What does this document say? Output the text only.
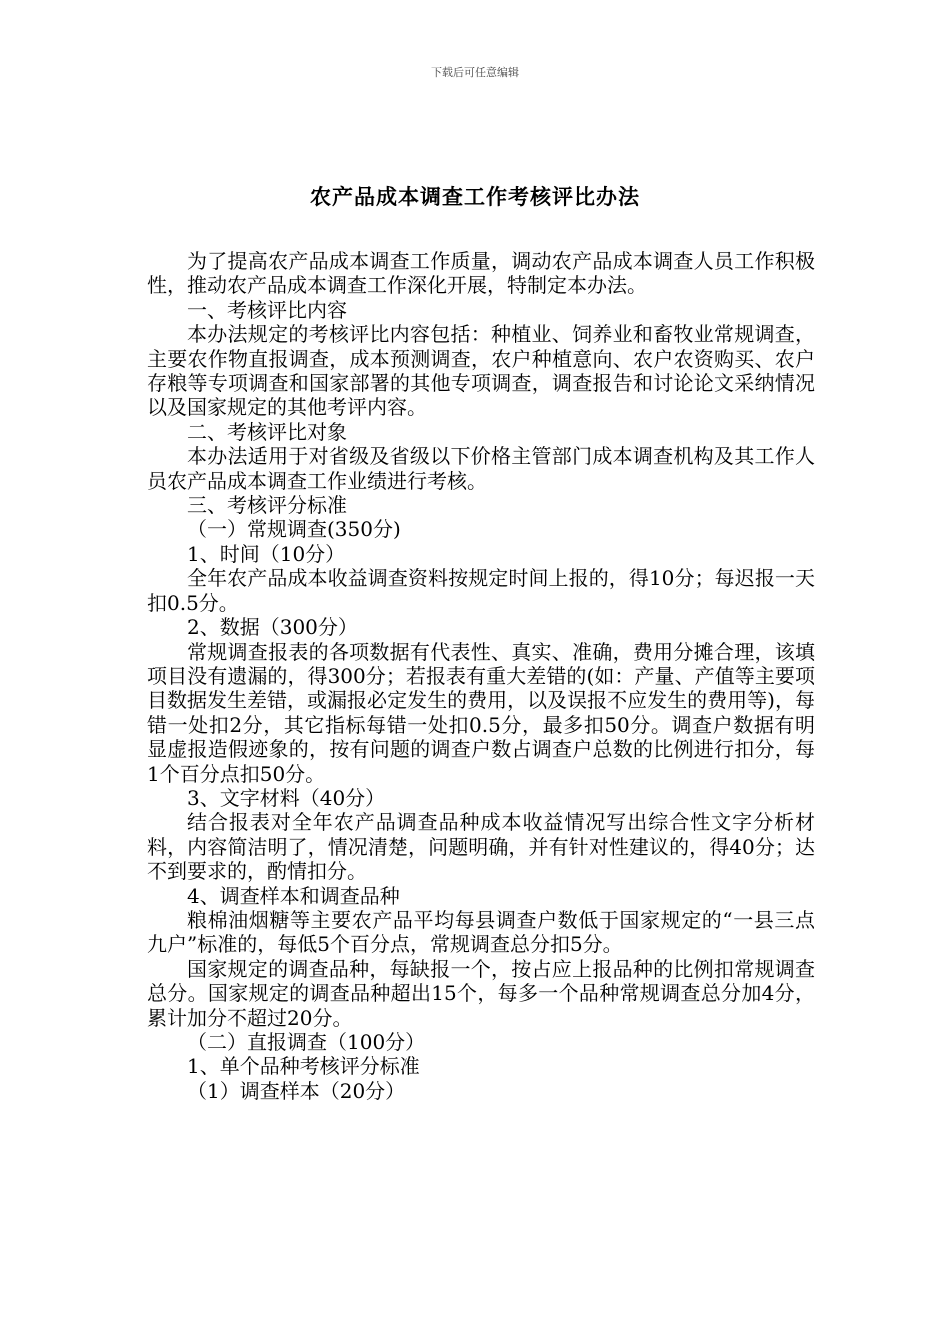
下载后可任意编辑
农产品成本调查工作考核评比办法

为了提高农产品成本调查工作质量，调动农产品成本调查人员工作积极性，推动农产品成本调查工作深化开展，特制定本办法。

一、考核评比内容

本办法规定的考核评比内容包括：种植业、饲养业和畜牧业常规调查，主要农作物直报调查，成本预测调查，农户种植意向、农户农资购买、农户存粮等专项调查和国家部署的其他专项调查，调查报告和讨论论文采纳情况以及国家规定的其他考评内容。

二、考核评比对象

本办法适用于对省级及省级以下价格主管部门成本调查机构及其工作人员农产品成本调查工作业绩进行考核。

三、考核评分标准

（一）常规调查(350分)

1、时间（10分）

全年农产品成本收益调查资料按规定时间上报的，得10分；每迟报一天扣0.5分。

2、数据（300分）

常规调查报表的各项数据有代表性、真实、准确，费用分摊合理，该填项目没有遗漏的，得300分；若报表有重大差错的(如：产量、产值等主要项目数据发生差错，或漏报必定发生的费用，以及误报不应发生的费用等)，每错一处扣2分，其它指标每错一处扣0.5分，最多扣50分。调查户数据有明显虚报造假迹象的，按有问题的调查户数占调查户总数的比例进行扣分，每1个百分点扣50分。

3、文字材料（40分）

结合报表对全年农产品调查品种成本收益情况写出综合性文字分析材料，内容简洁明了，情况清楚，问题明确，并有针对性建议的，得40分；达不到要求的，酌情扣分。

4、调查样本和调查品种

粮棉油烟糖等主要农产品平均每县调查户数低于国家规定的“一县三点九户”标准的，每低5个百分点，常规调查总分扣5分。

国家规定的调查品种，每缺报一个，按占应上报品种的比例扣常规调查总分。国家规定的调查品种超出15个，每多一个品种常规调查总分加4分，累计加分不超过20分。

（二）直报调查（100分）

1、单个品种考核评分标准

（1）调查样本（20分）
